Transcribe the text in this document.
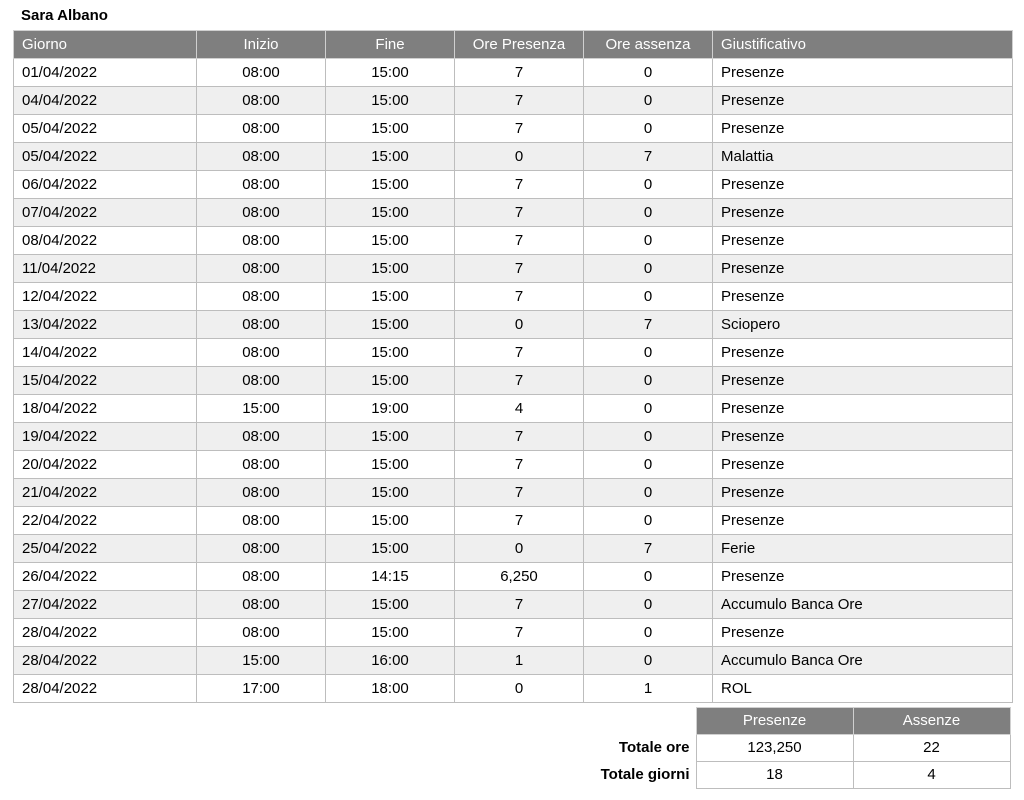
Sara Albano
Giorno	Inizio	Fine	Ore Presenza	Ore assenza	Giustificativo
01/04/2022	08:00	15:00	7	0	Presenze
04/04/2022	08:00	15:00	7	0	Presenze
05/04/2022	08:00	15:00	7	0	Presenze
05/04/2022	08:00	15:00	0	7	Malattia
06/04/2022	08:00	15:00	7	0	Presenze
07/04/2022	08:00	15:00	7	0	Presenze
08/04/2022	08:00	15:00	7	0	Presenze
11/04/2022	08:00	15:00	7	0	Presenze
12/04/2022	08:00	15:00	7	0	Presenze
13/04/2022	08:00	15:00	0	7	Sciopero
14/04/2022	08:00	15:00	7	0	Presenze
15/04/2022	08:00	15:00	7	0	Presenze
18/04/2022	15:00	19:00	4	0	Presenze
19/04/2022	08:00	15:00	7	0	Presenze
20/04/2022	08:00	15:00	7	0	Presenze
21/04/2022	08:00	15:00	7	0	Presenze
22/04/2022	08:00	15:00	7	0	Presenze
25/04/2022	08:00	15:00	0	7	Ferie
26/04/2022	08:00	14:15	6,250	0	Presenze
27/04/2022	08:00	15:00	7	0	Accumulo Banca Ore
28/04/2022	08:00	15:00	7	0	Presenze
28/04/2022	15:00	16:00	1	0	Accumulo Banca Ore
28/04/2022	17:00	18:00	0	1	ROL
	Presenze	Assenze
Totale ore	123,250	22
Totale giorni	18	4
